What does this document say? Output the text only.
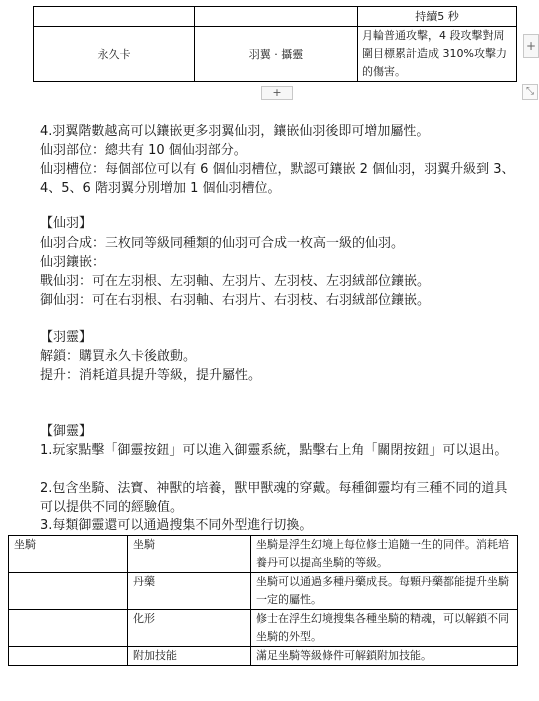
		持續5 秒
永久卡	羽翼 · 攝靈	月輪普通攻擊，4 段攻擊對周圍目標累計造成 310%攻擊力的傷害。
+
+	⤡

4.羽翼階數越高可以鑲嵌更多羽翼仙羽，鑲嵌仙羽後即可增加屬性。

仙羽部位：總共有 10 個仙羽部分。

仙羽槽位：每個部位可以有 6 個仙羽槽位，默認可鑲嵌 2 個仙羽，羽翼升級到 3、4、5、6 階羽翼分別增加 1 個仙羽槽位。

【仙羽】

仙羽合成：三枚同等級同種類的仙羽可合成一枚高一級的仙羽。

仙羽鑲嵌：

戰仙羽：可在左羽根、左羽軸、左羽片、左羽枝、左羽絨部位鑲嵌。

御仙羽：可在右羽根、右羽軸、右羽片、右羽枝、右羽絨部位鑲嵌。

【羽靈】

解鎖：購買永久卡後啟動。

提升：消耗道具提升等級，提升屬性。

【御靈】

1.玩家點擊「御靈按鈕」可以進入御靈系統，點擊右上角「關閉按鈕」可以退出。

2.包含坐騎、法寶、神獸的培養，獸甲獸魂的穿戴。每種御靈均有三種不同的道具可以提供不同的經驗值。

3.每類御靈還可以通過搜集不同外型進行切換。

坐騎	坐騎	坐騎是浮生幻境上每位修士追隨一生的同伴。消耗培養丹可以提高坐騎的等級。
	丹藥	坐騎可以通過多種丹藥成長。每顆丹藥都能提升坐騎一定的屬性。
	化形	修士在浮生幻境搜集各種坐騎的精魂，可以解鎖不同坐騎的外型。
	附加技能	滿足坐騎等級條件可解鎖附加技能。
